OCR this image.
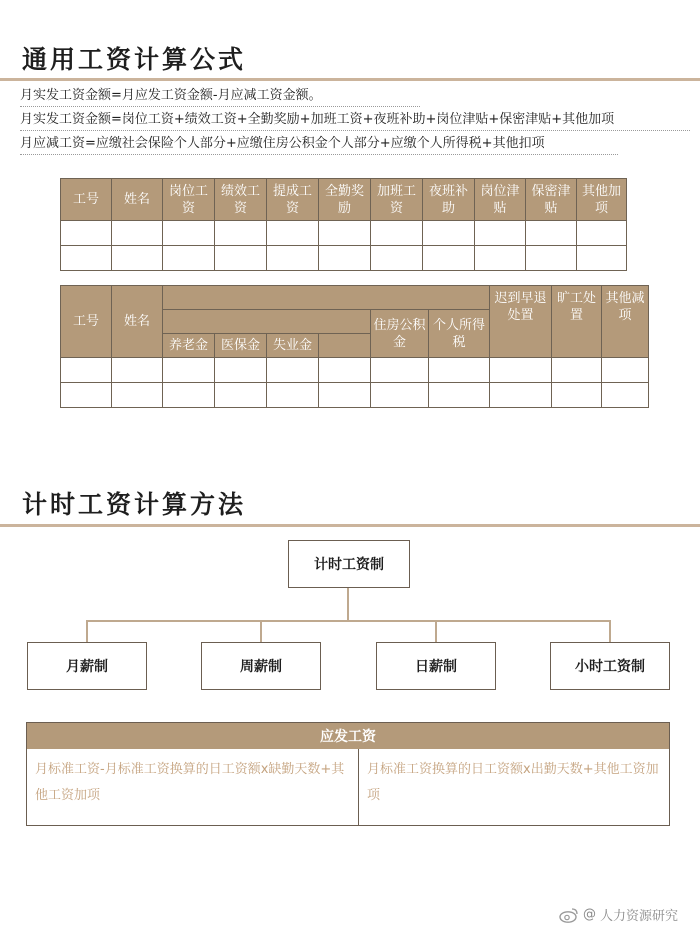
通用工资计算公式
月实发工资金额=月应发工资金额-月应减工资金额。
月实发工资金额=岗位工资+绩效工资+全勤奖励+加班工资+夜班补助+岗位津贴+保密津贴+其他加项
月应减工资=应缴社会保险个人部分+应缴住房公积金个人部分+应缴个人所得税+其他扣项
工号	姓名	岗位工资	绩效工资	提成工资	全勤奖励	加班工资	夜班补助	岗位津贴	保密津贴	其他加项

工号	姓名							迟到早退处置	旷工处置	其他减项
						住房公积金	个人所得税			
		养老金	医保金	失业金						

计时工资计算方法
计时工资制
月薪制	周薪制	日薪制	小时工资制
应发工资
月标准工资-月标准工资换算的日工资额x缺勤天数+其他工资加项
月标准工资换算的日工资额x出勤天数+其他工资加项
@ 人力资源研究
